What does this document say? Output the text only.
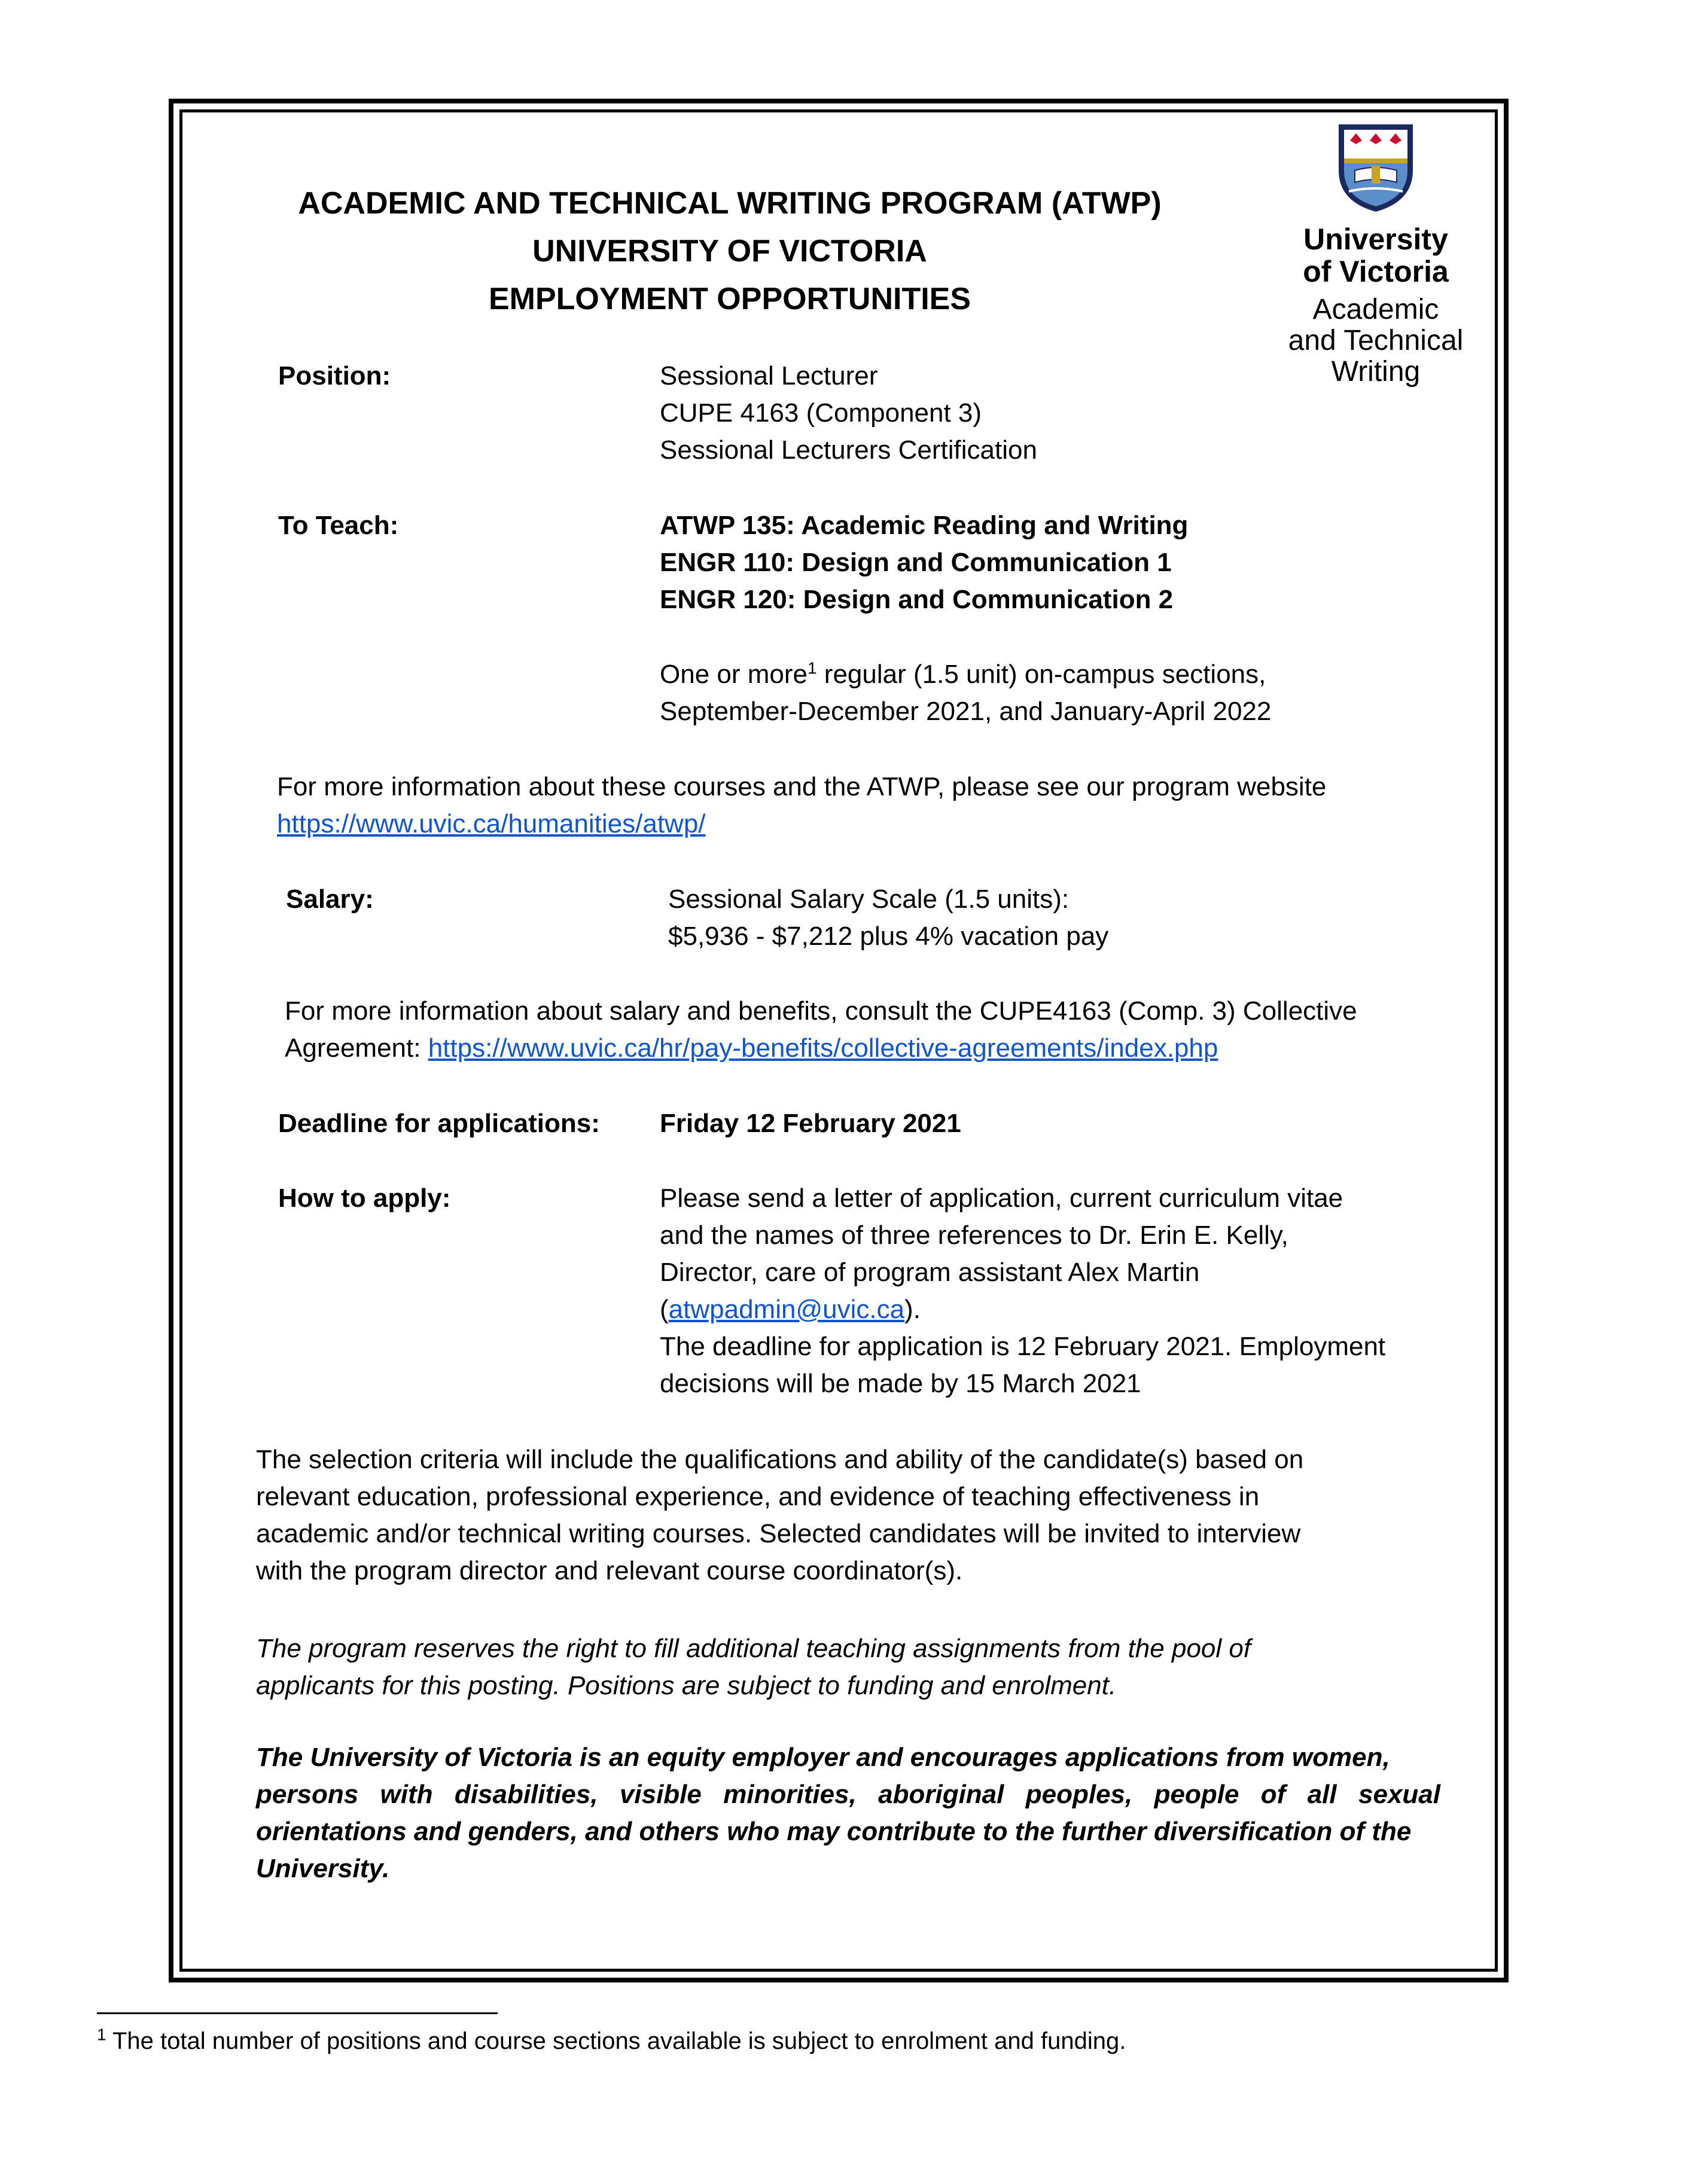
ACADEMIC AND TECHNICAL WRITING PROGRAM (ATWP)
UNIVERSITY OF VICTORIA
EMPLOYMENT OPPORTUNITIES
University
of Victoria
Academic
and Technical
Writing
Position:	Sessional Lecturer
CUPE 4163 (Component 3)
Sessional Lecturers Certification
To Teach:	ATWP 135: Academic Reading and Writing
ENGR 110: Design and Communication 1
ENGR 120: Design and Communication 2
One or more$^1$ regular (1.5 unit) on-campus sections,
September-December 2021, and January-April 2022
For more information about these courses and the ATWP, please see our program website
https://www.uvic.ca/humanities/atwp/
Salary:	Sessional Salary Scale (1.5 units):
$5,936 - $7,212 plus 4% vacation pay
For more information about salary and benefits, consult the CUPE4163 (Comp. 3) Collective
Agreement: https://www.uvic.ca/hr/pay-benefits/collective-agreements/index.php
Deadline for applications: Friday 12 February 2021
How to apply:	Please send a letter of application, current curriculum vitae
and the names of three references to Dr. Erin E. Kelly,
Director, care of program assistant Alex Martin
(atwpadmin@uvic.ca).
The deadline for application is 12 February 2021. Employment
decisions will be made by 15 March 2021
The selection criteria will include the qualifications and ability of the candidate(s) based on
relevant education, professional experience, and evidence of teaching effectiveness in
academic and/or technical writing courses. Selected candidates will be invited to interview
with the program director and relevant course coordinator(s).
The program reserves the right to fill additional teaching assignments from the pool of
applicants for this posting. Positions are subject to funding and enrolment.
The University of Victoria is an equity employer and encourages applications from women,
persons with disabilities, visible minorities, aboriginal peoples, people of all sexual
orientations and genders, and others who may contribute to the further diversification of the
University.
$^1$ The total number of positions and course sections available is subject to enrolment and funding.
